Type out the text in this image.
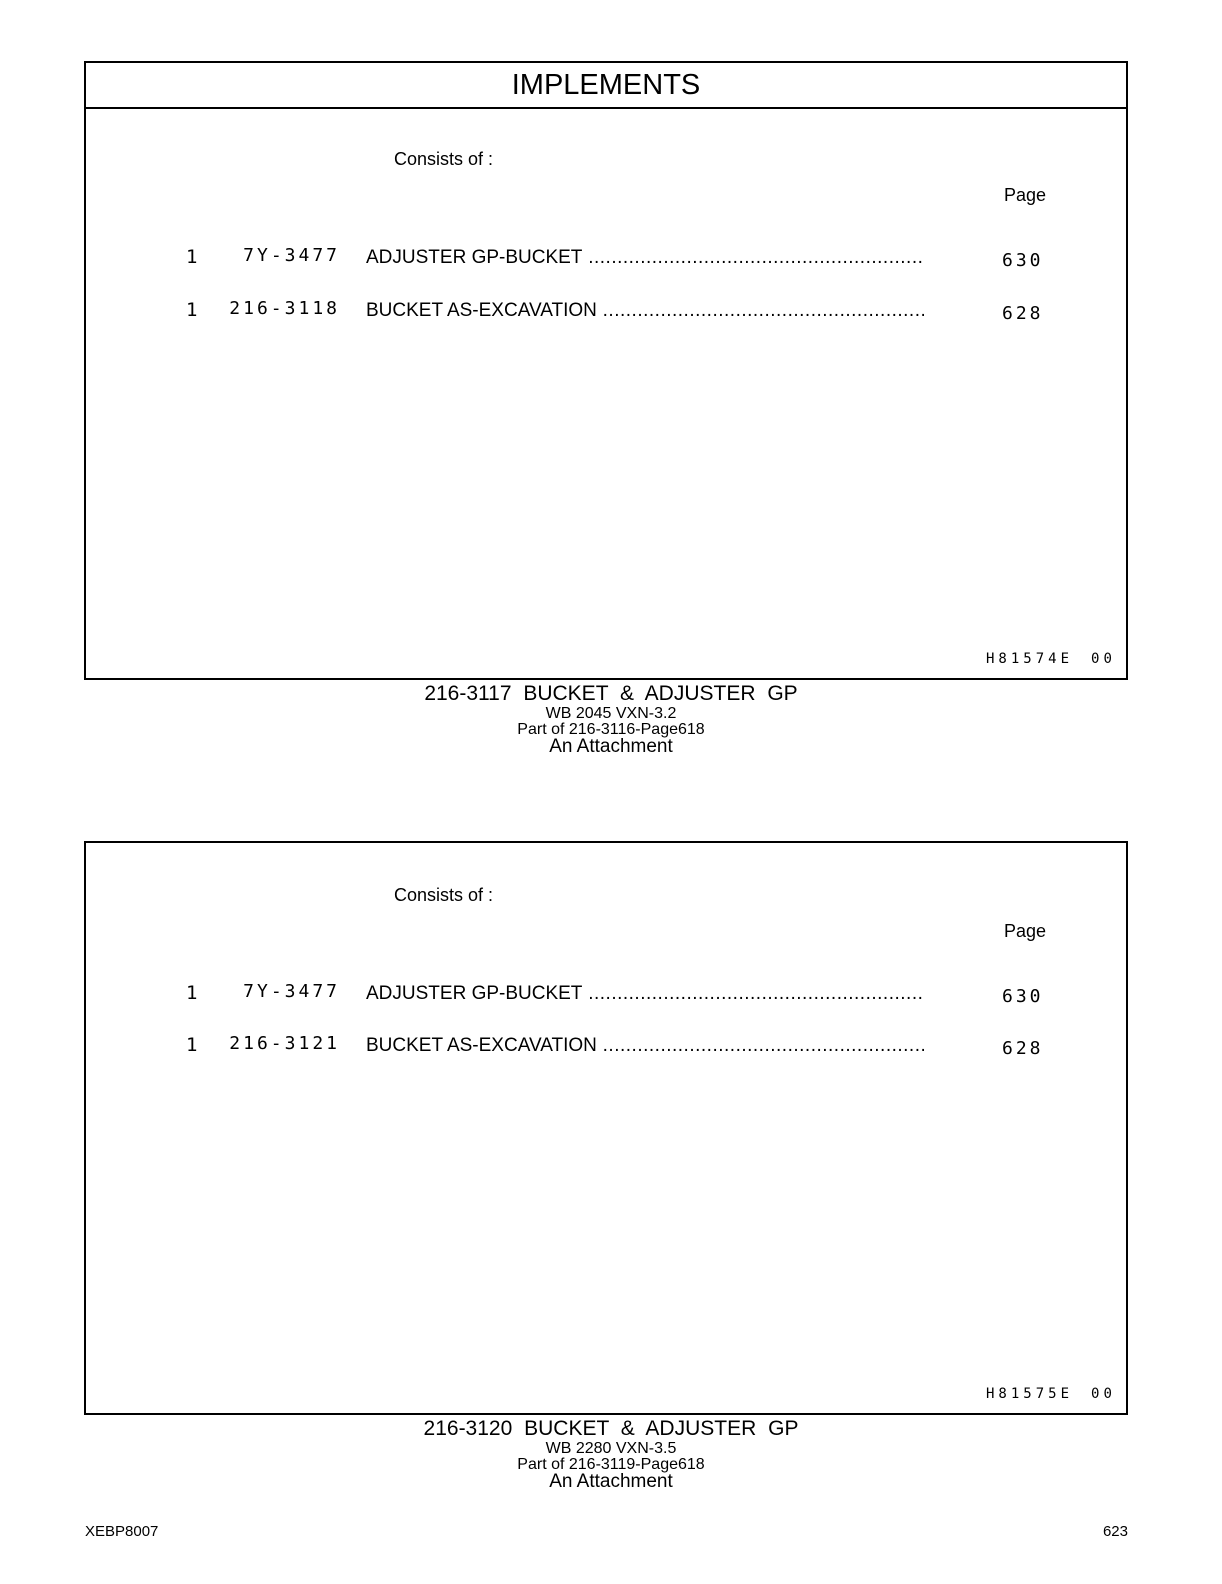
IMPLEMENTS
Consists of :
Page
1	7Y-3477 ADJUSTER GP-BUCKET .....	630
1	216-3118 BUCKET AS-EXCAVATION .....	628
H81574E 00
216-3117 BUCKET & ADJUSTER GP
WB 2045 VXN-3.2
Part of 216-3116-Page618
An Attachment
Consists of :
Page
1	7Y-3477 ADJUSTER GP-BUCKET .....	630
1	216-3121 BUCKET AS-EXCAVATION .....	628
H81575E 00
216-3120 BUCKET & ADJUSTER GP
WB 2280 VXN-3.5
Part of 216-3119-Page618
An Attachment
XEBP8007	623
